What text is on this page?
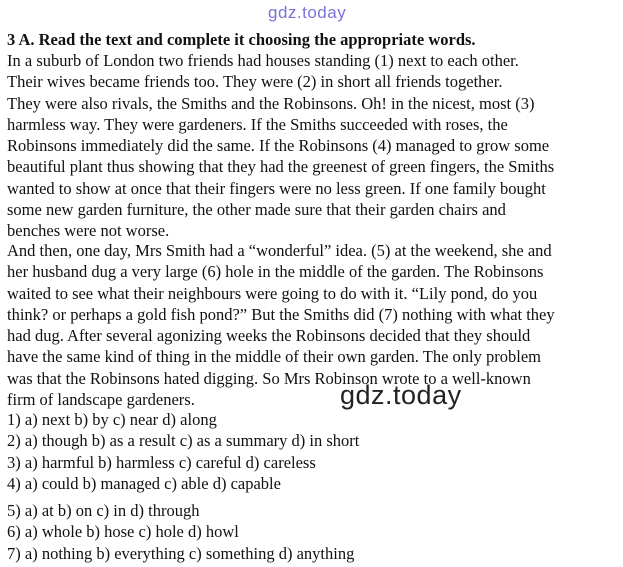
3 A. Read the text and complete it choosing the appropriate words.

In a suburb of London two friends had houses standing (1) next to each other.
Their wives became friends too. They were (2) in short all friends together.
They were also rivals, the Smiths and the Robinsons. Oh! in the nicest, most (3)
harmless way. They were gardeners. If the Smiths succeeded with roses, the
Robinsons immediately did the same. If the Robinsons (4) managed to grow some
beautiful plant thus showing that they had the greenest of green fingers, the Smiths
wanted to show at once that their fingers were no less green. If one family bought
some new garden furniture, the other made sure that their garden chairs and
benches were not worse.

And then, one day, Mrs Smith had a “wonderful” idea. (5) at the weekend, she and
her husband dug a very large (6) hole in the middle of the garden. The Robinsons
waited to see what their neighbours were going to do with it. “Lily pond, do you
think? or perhaps a gold fish pond?” But the Smiths did (7) nothing with what they
had dug. After several agonizing weeks the Robinsons decided that they should
have the same kind of thing in the middle of their own garden. The only problem
was that the Robinsons hated digging. So Mrs Robinson wrote to a well-known
firm of landscape gardeners.

1) a) next b) by c) near d) along
2) a) though b) as a result c) as a summary d) in short
3) a) harmful b) harmless c) careful d) careless
4) a) could b) managed c) able d) capable
5) a) at b) on c) in d) through
6) a) whole b) hose c) hole d) howl
7) a) nothing b) everything c) something d) anything
gdz.today
gdz.today
